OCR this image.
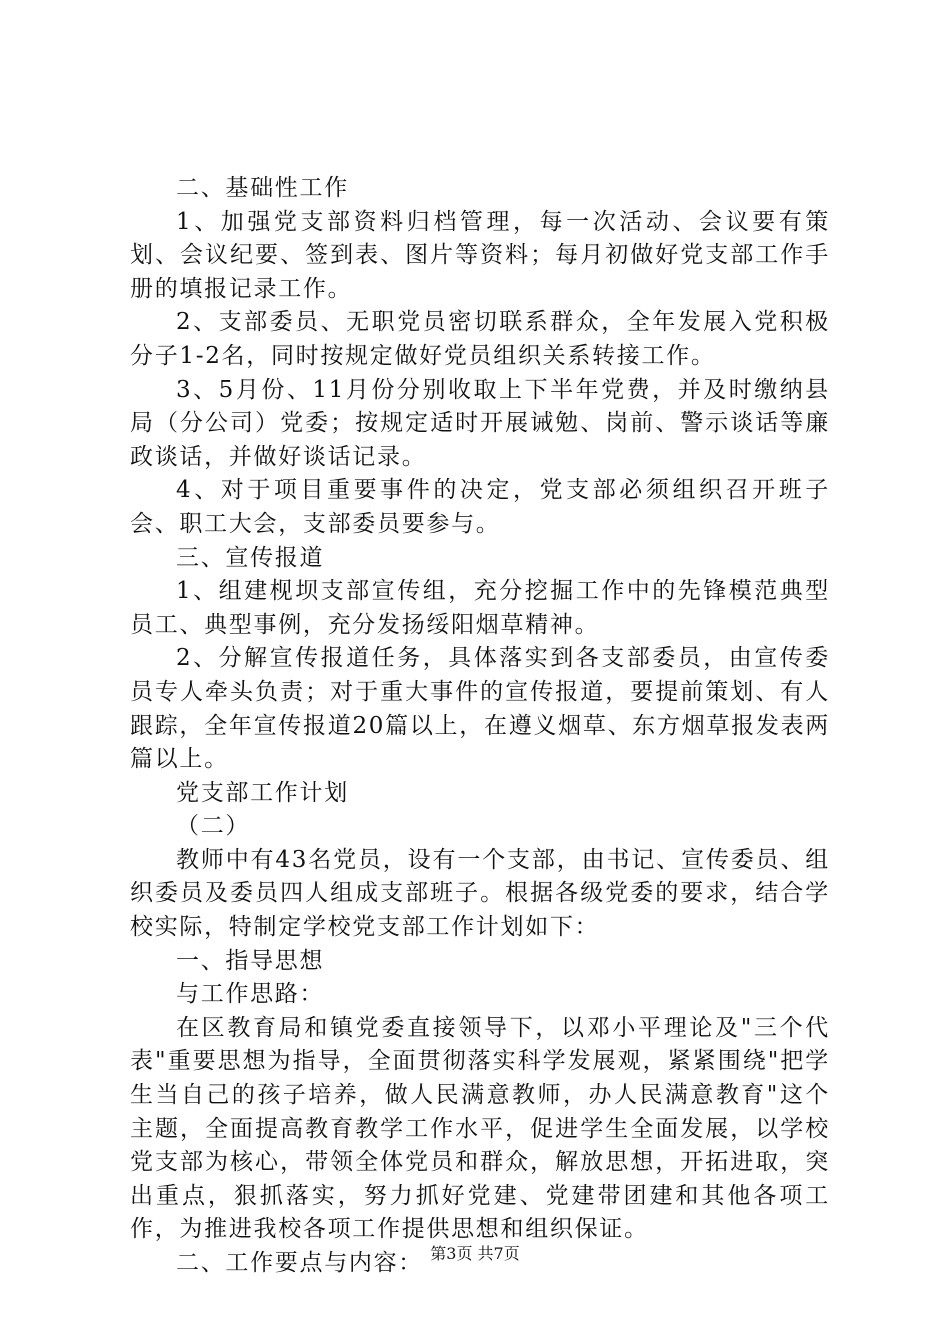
二、基础性工作

1、加强党支部资料归档管理，每一次活动、会议要有策划、会议纪要、签到表、图片等资料；每月初做好党支部工作手册的填报记录工作。

2、支部委员、无职党员密切联系群众，全年发展入党积极分子1-2名，同时按规定做好党员组织关系转接工作。

3、5月份、11月份分别收取上下半年党费，并及时缴纳县局（分公司）党委；按规定适时开展诫勉、岗前、警示谈话等廉政谈话，并做好谈话记录。

4、对于项目重要事件的决定，党支部必须组织召开班子会、职工大会，支部委员要参与。

三、宣传报道

1、组建枧坝支部宣传组，充分挖掘工作中的先锋模范典型员工、典型事例，充分发扬绥阳烟草精神。

2、分解宣传报道任务，具体落实到各支部委员，由宣传委员专人牵头负责；对于重大事件的宣传报道，要提前策划、有人跟踪，全年宣传报道20篇以上，在遵义烟草、东方烟草报发表两篇以上。

党支部工作计划

（二）

教师中有43名党员，设有一个支部，由书记、宣传委员、组织委员及委员四人组成支部班子。根据各级党委的要求，结合学校实际，特制定学校党支部工作计划如下：

一、指导思想

与工作思路：

在区教育局和镇党委直接领导下，以邓小平理论及"三个代表"重要思想为指导，全面贯彻落实科学发展观，紧紧围绕"把学生当自己的孩子培养，做人民满意教师，办人民满意教育"这个主题，全面提高教育教学工作水平，促进学生全面发展，以学校党支部为核心，带领全体党员和群众，解放思想，开拓进取，突出重点，狠抓落实，努力抓好党建、党建带团建和其他各项工作，为推进我校各项工作提供思想和组织保证。

二、工作要点与内容： 第3页 共7页
